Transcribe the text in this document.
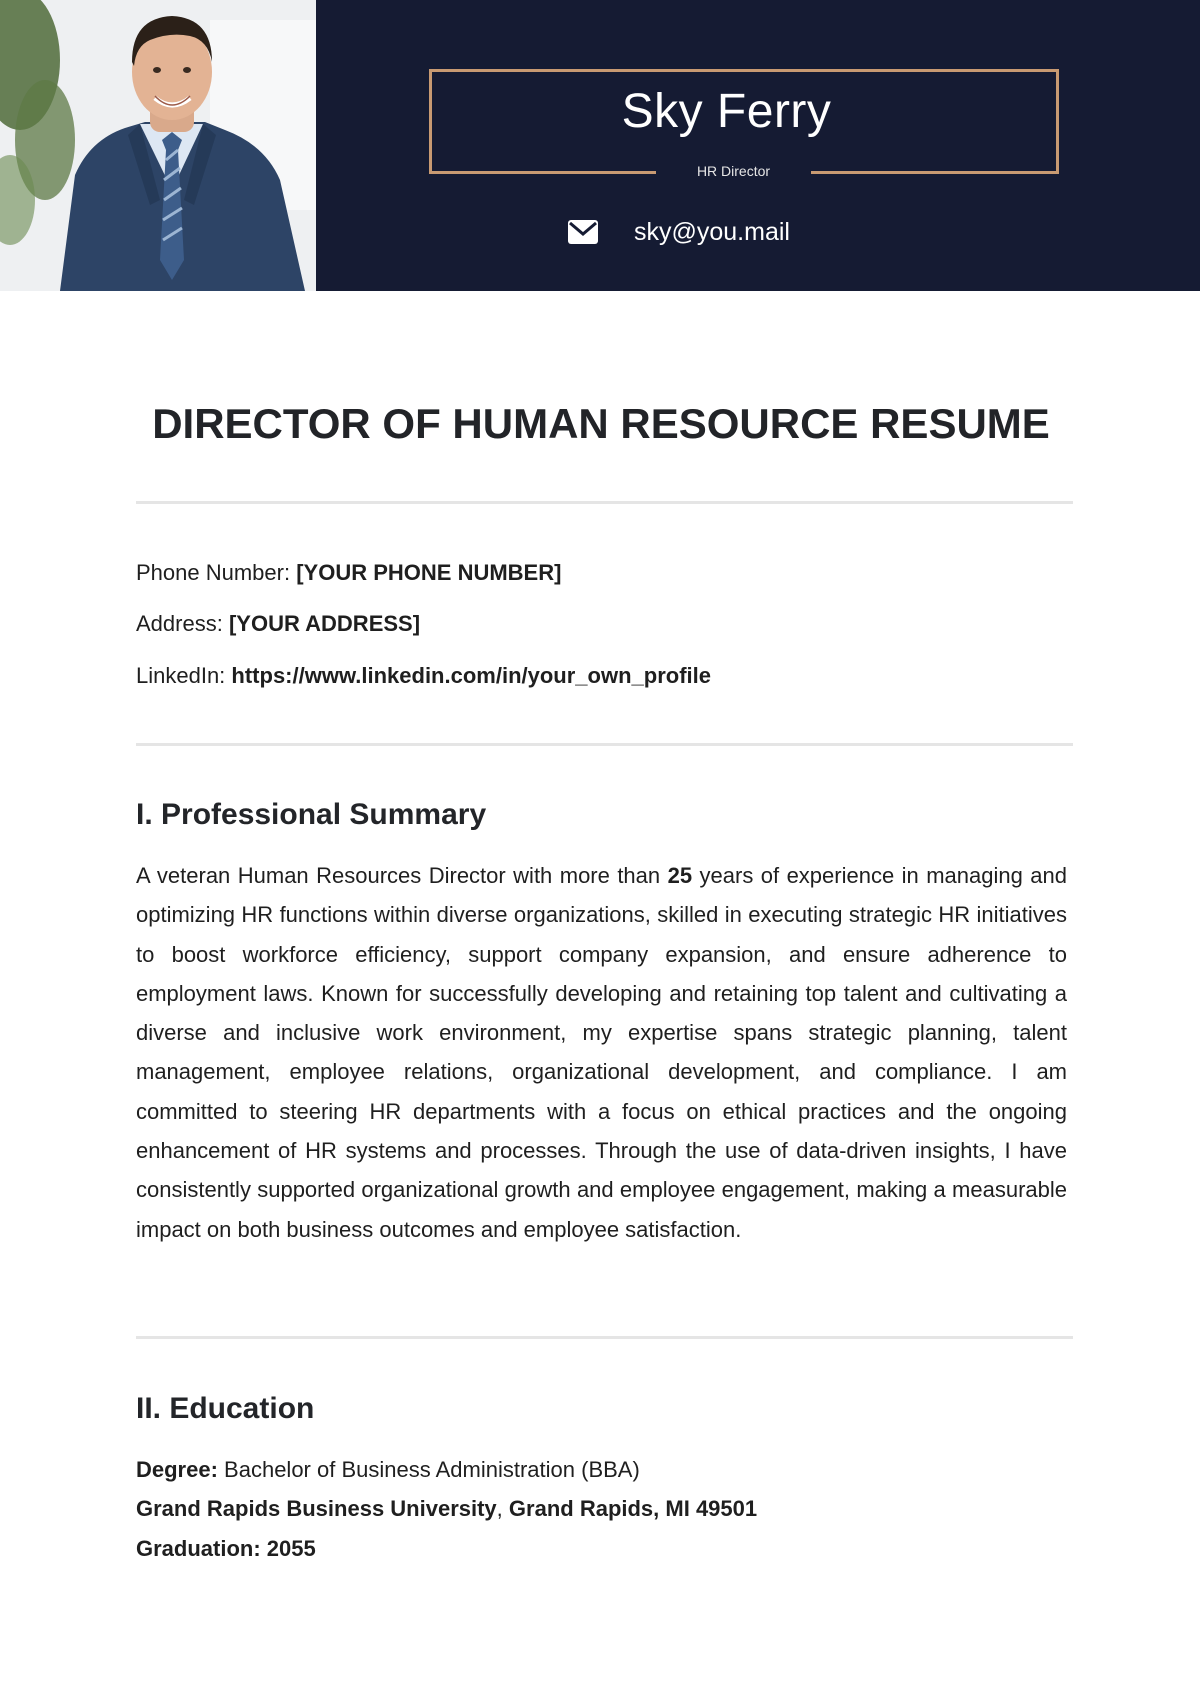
Sky Ferry
HR Director
sky@you.mail
DIRECTOR OF HUMAN RESOURCE RESUME
Phone Number: [YOUR PHONE NUMBER]
Address: [YOUR ADDRESS]
LinkedIn: https://www.linkedin.com/in/your_own_profile
I. Professional Summary
A veteran Human Resources Director with more than 25 years of experience in managing and optimizing HR functions within diverse organizations, skilled in executing strategic HR initiatives to boost workforce efficiency, support company expansion, and ensure adherence to employment laws. Known for successfully developing and retaining top talent and cultivating a diverse and inclusive work environment, my expertise spans strategic planning, talent management, employee relations, organizational development, and compliance. I am committed to steering HR departments with a focus on ethical practices and the ongoing enhancement of HR systems and processes. Through the use of data-driven insights, I have consistently supported organizational growth and employee engagement, making a measurable impact on both business outcomes and employee satisfaction.
II. Education
Degree: Bachelor of Business Administration (BBA)
Grand Rapids Business University, Grand Rapids, MI 49501
Graduation: 2055
